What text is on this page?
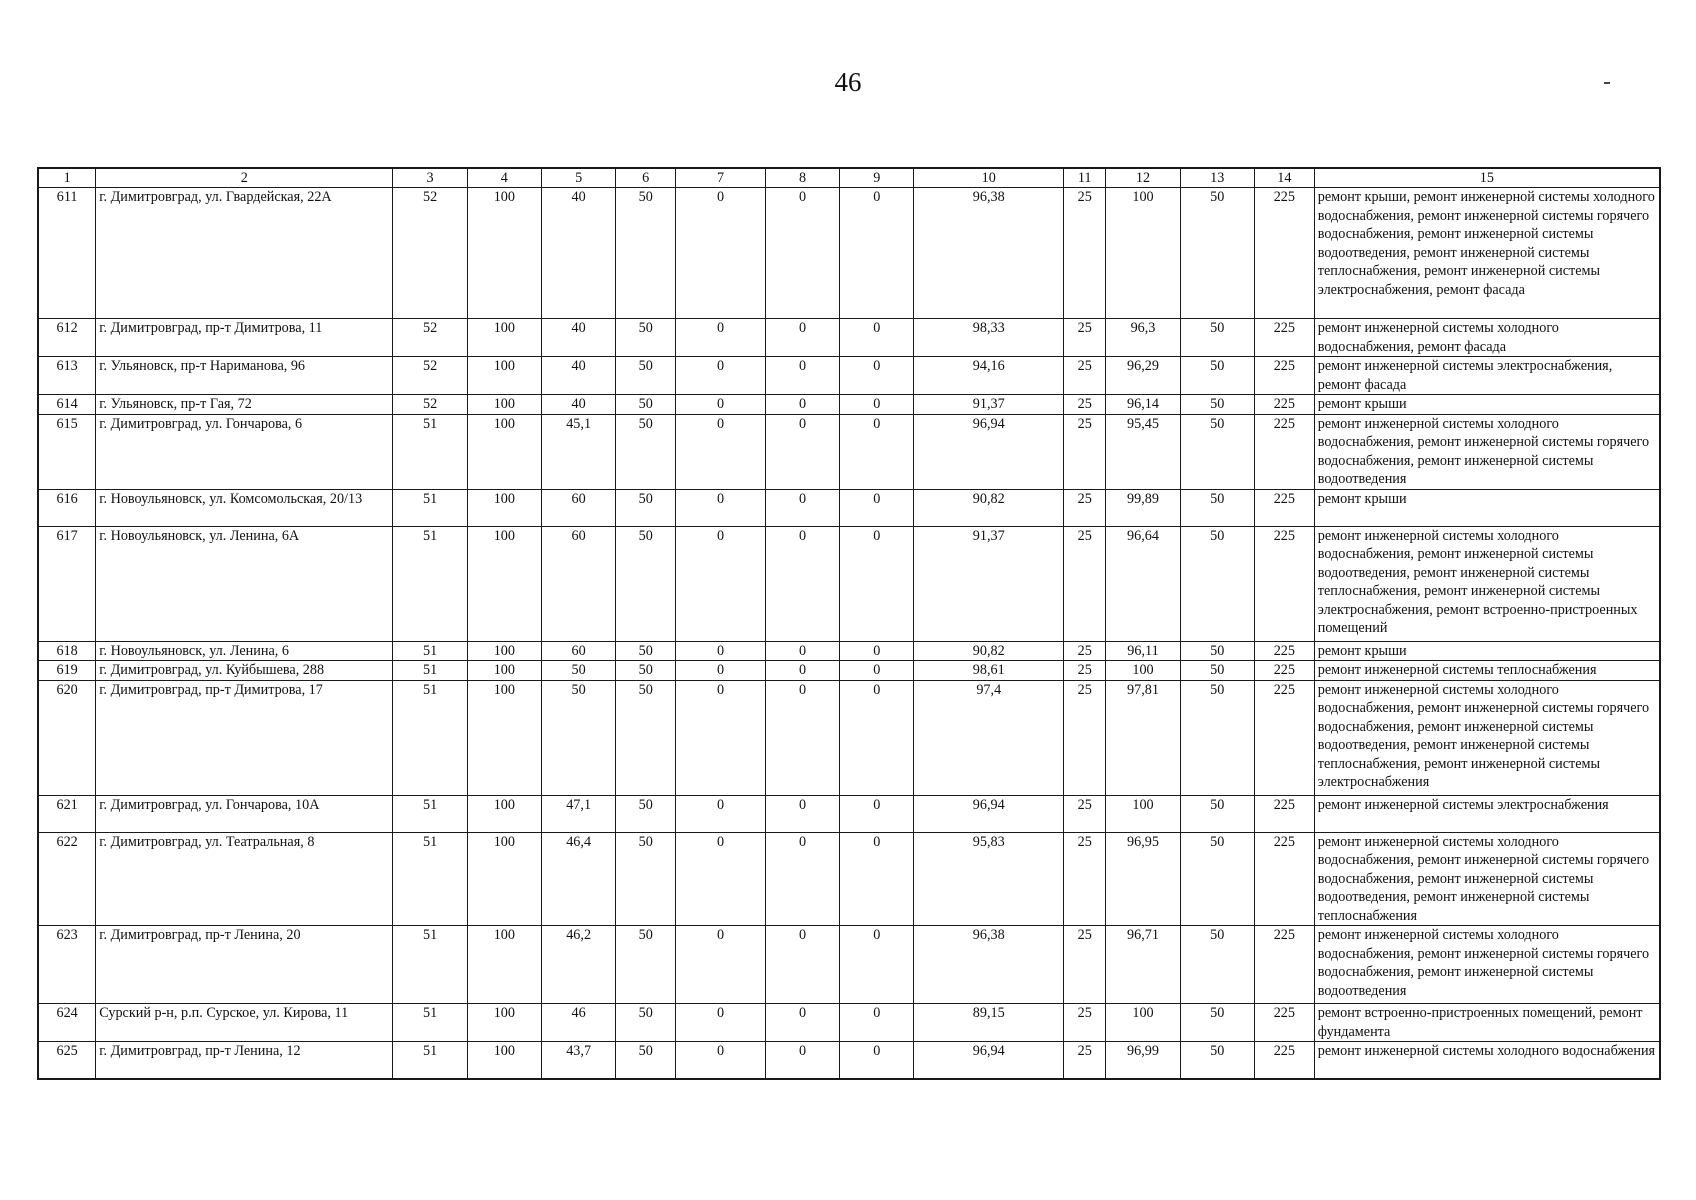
46
1	2	3	4	5	6	7	8	9	10	11	12	13	14	15
611	г. Димитровград, ул. Гвардейская, 22А	52	100	40	50	0	0	0	96,38	25	100	50	225	ремонт крыши, ремонт инженерной системы холодного водоснабжения, ремонт инженерной системы горячего водоснабжения, ремонт инженерной системы водоотведения, ремонт инженерной системы теплоснабжения, ремонт инженерной системы электроснабжения, ремонт фасада
612	г. Димитровград, пр-т Димитрова, 11	52	100	40	50	0	0	0	98,33	25	96,3	50	225	ремонт инженерной системы холодного водоснабжения, ремонт фасада
613	г. Ульяновск, пр-т Нариманова, 96	52	100	40	50	0	0	0	94,16	25	96,29	50	225	ремонт инженерной системы электроснабжения, ремонт фасада
614	г. Ульяновск, пр-т Гая, 72	52	100	40	50	0	0	0	91,37	25	96,14	50	225	ремонт крыши
615	г. Димитровград, ул. Гончарова, 6	51	100	45,1	50	0	0	0	96,94	25	95,45	50	225	ремонт инженерной системы холодного водоснабжения, ремонт инженерной системы горячего водоснабжения, ремонт инженерной системы водоотведения
616	г. Новоульяновск, ул. Комсомольская, 20/13	51	100	60	50	0	0	0	90,82	25	99,89	50	225	ремонт крыши
617	г. Новоульяновск, ул. Ленина, 6А	51	100	60	50	0	0	0	91,37	25	96,64	50	225	ремонт инженерной системы холодного водоснабжения, ремонт инженерной системы водоотведения, ремонт инженерной системы теплоснабжения, ремонт инженерной системы электроснабжения, ремонт встроенно-пристроенных помещений
618	г. Новоульяновск, ул. Ленина, 6	51	100	60	50	0	0	0	90,82	25	96,11	50	225	ремонт крыши
619	г. Димитровград, ул. Куйбышева, 288	51	100	50	50	0	0	0	98,61	25	100	50	225	ремонт инженерной системы теплоснабжения
620	г. Димитровград, пр-т Димитрова, 17	51	100	50	50	0	0	0	97,4	25	97,81	50	225	ремонт инженерной системы холодного водоснабжения, ремонт инженерной системы горячего водоснабжения, ремонт инженерной системы водоотведения, ремонт инженерной системы теплоснабжения, ремонт инженерной системы электроснабжения
621	г. Димитровград, ул. Гончарова, 10А	51	100	47,1	50	0	0	0	96,94	25	100	50	225	ремонт инженерной системы электроснабжения
622	г. Димитровград, ул. Театральная, 8	51	100	46,4	50	0	0	0	95,83	25	96,95	50	225	ремонт инженерной системы холодного водоснабжения, ремонт инженерной системы горячего водоснабжения, ремонт инженерной системы водоотведения, ремонт инженерной системы теплоснабжения
623	г. Димитровград, пр-т Ленина, 20	51	100	46,2	50	0	0	0	96,38	25	96,71	50	225	ремонт инженерной системы холодного водоснабжения, ремонт инженерной системы горячего водоснабжения, ремонт инженерной системы водоотведения
624	Сурский р-н, р.п. Сурское, ул. Кирова, 11	51	100	46	50	0	0	0	89,15	25	100	50	225	ремонт встроенно-пристроенных помещений, ремонт фундамента
625	г. Димитровград, пр-т Ленина, 12	51	100	43,7	50	0	0	0	96,94	25	96,99	50	225	ремонт инженерной системы холодного водоснабжения
